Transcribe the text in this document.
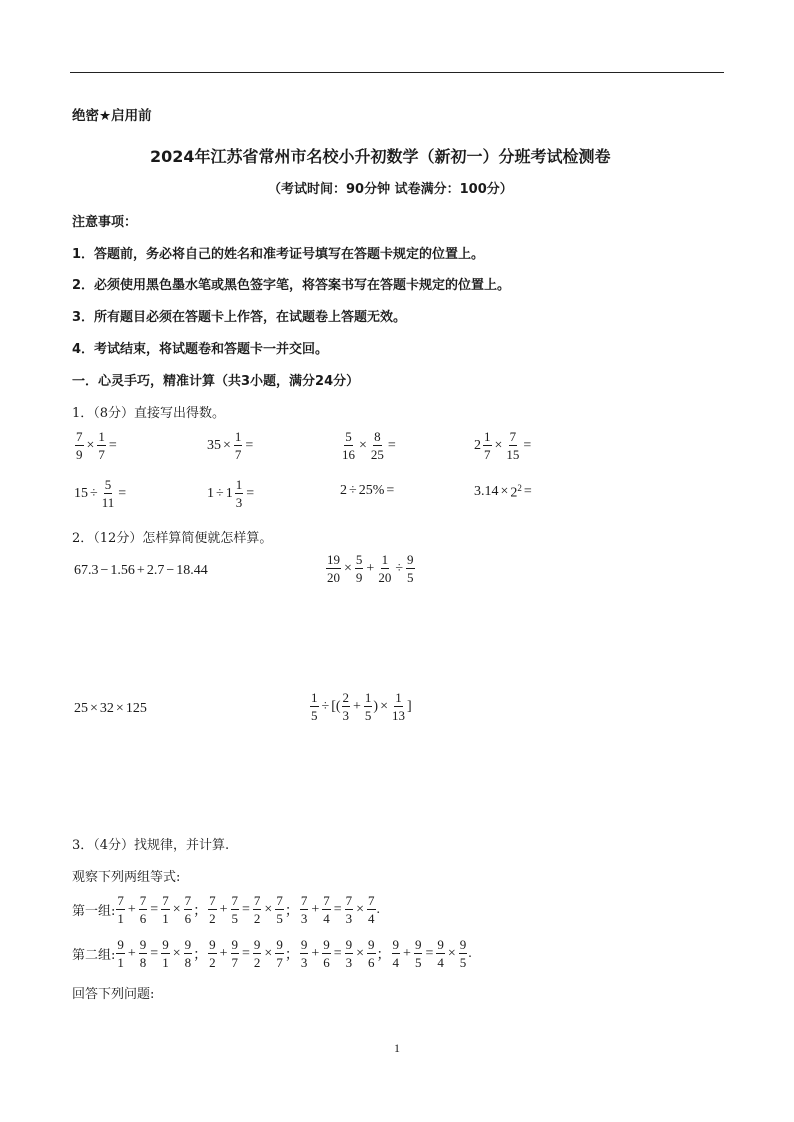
绝密★启用前
2024年江苏省常州市名校小升初数学（新初一）分班考试检测卷
（考试时间：90分钟 试卷满分：100分）
注意事项：
1．答题前，务必将自己的姓名和准考证号填写在答题卡规定的位置上。
2．必须使用黑色墨水笔或黑色签字笔，将答案书写在答题卡规定的位置上。
3．所有题目必须在答题卡上作答，在试题卷上答题无效。
4．考试结束，将试题卷和答题卡一并交回。
一．心灵手巧，精准计算（共3小题，满分24分）
1．（8分）直接写出得数。
$\frac{7}{9} \times \frac{1}{7}$ =	$35 \times \frac{1}{7}$ =	$\frac{5}{16} \times \frac{8}{25}$ =	$2 \frac{1}{7} \times \frac{7}{15}$ =
$15 \div \frac{5}{11}$ =	$1 \div 1 \frac{1}{3}$ =	2 ÷ 25% =	$3.14 \times 2^2$ =
2．（12分）怎样算简便就怎样算。
67.3 − 1.56 + 2.7 − 18.44	$\frac{19}{20} \times \frac{5}{9} + \frac{1}{20} \div \frac{9}{5}$
25 × 32 × 125	$\frac{1}{5}$ ÷ [( $\frac{2}{3} + \frac{1}{5}$ ) × $\frac{1}{13}$ ]
3．（4分）找规律，并计算.
观察下列两组等式:
第一组: $\frac{7}{1} + \frac{7}{6} = \frac{7}{1} \times \frac{7}{6}$ ； $\frac{7}{2} + \frac{7}{5} = \frac{7}{2} \times \frac{7}{5}$ ； $\frac{7}{3} + \frac{7}{4} = \frac{7}{3} \times \frac{7}{4}$ .
第二组: $\frac{9}{1} + \frac{9}{8} = \frac{9}{1} \times \frac{9}{8}$ ； $\frac{9}{2} + \frac{9}{7} = \frac{9}{2} \times \frac{9}{7}$ ； $\frac{9}{3} + \frac{9}{6} = \frac{9}{3} \times \frac{9}{6}$ ； $\frac{9}{4} + \frac{9}{5} = \frac{9}{4} \times \frac{9}{5}$ .
回答下列问题:
1
